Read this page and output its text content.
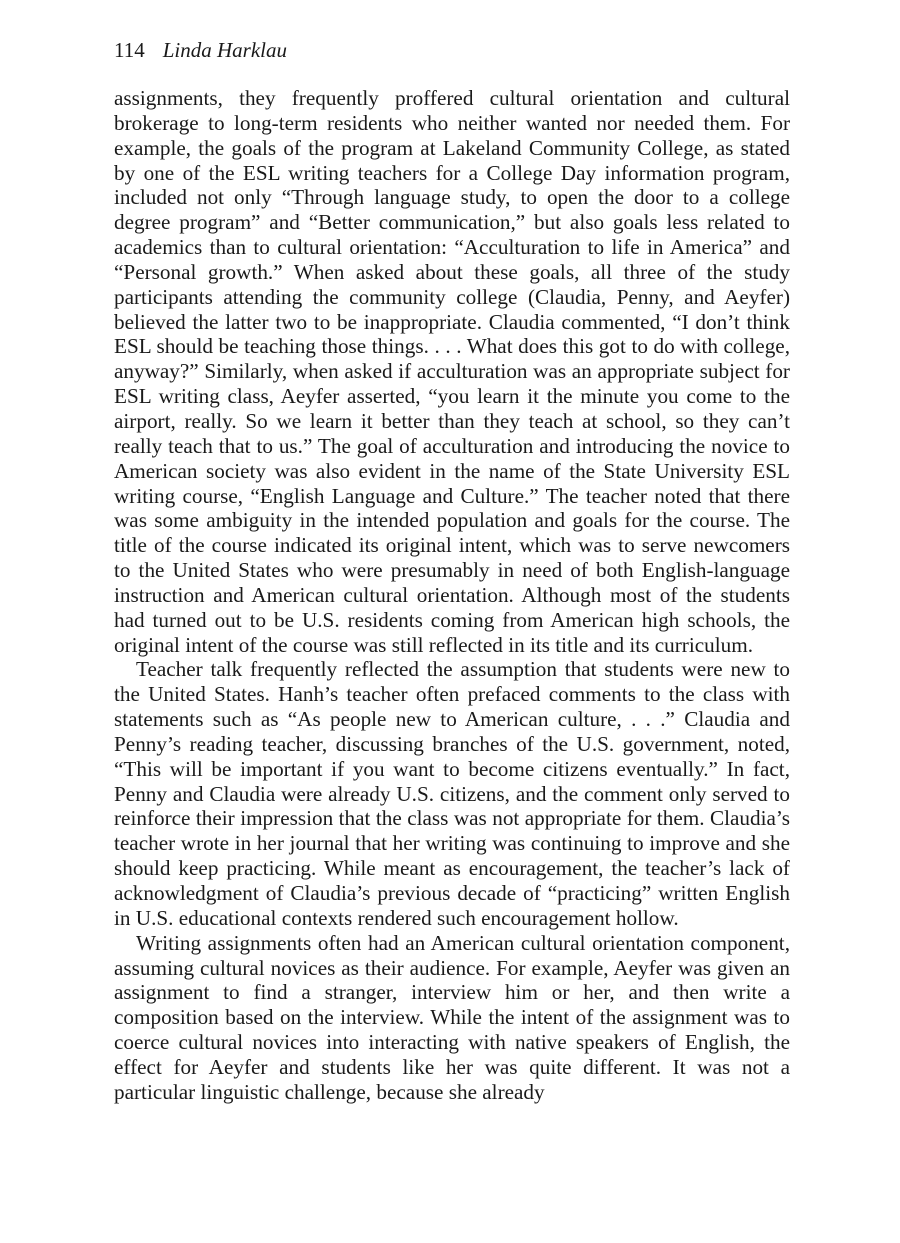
114 Linda Harklau

assignments, they frequently proffered cultural orientation and cultural brokerage to long-term residents who neither wanted nor needed them. For example, the goals of the program at Lakeland Community College, as stated by one of the ESL writing teachers for a College Day information program, included not only “Through language study, to open the door to a college degree program” and “Better communication,” but also goals less related to academics than to cultural orientation: “Acculturation to life in America” and “Personal growth.” When asked about these goals, all three of the study participants attending the community college (Claudia, Penny, and Aeyfer) believed the latter two to be inappropriate. Claudia commented, “I don’t think ESL should be teaching those things. . . . What does this got to do with college, anyway?” Similarly, when asked if acculturation was an appropriate subject for ESL writing class, Aeyfer asserted, “you learn it the minute you come to the airport, really. So we learn it better than they teach at school, so they can’t really teach that to us.” The goal of acculturation and introducing the novice to American society was also evident in the name of the State University ESL writing course, “English Language and Culture.” The teacher noted that there was some ambiguity in the intended population and goals for the course. The title of the course indicated its original intent, which was to serve newcomers to the United States who were presumably in need of both English-language instruction and American cultural orientation. Although most of the students had turned out to be U.S. residents coming from American high schools, the original intent of the course was still reflected in its title and its curriculum.

Teacher talk frequently reflected the assumption that students were new to the United States. Hanh’s teacher often prefaced comments to the class with statements such as “As people new to American culture, . . .” Claudia and Penny’s reading teacher, discussing branches of the U.S. government, noted, “This will be important if you want to become citizens eventually.” In fact, Penny and Claudia were already U.S. citizens, and the comment only served to reinforce their impression that the class was not appropriate for them. Claudia’s teacher wrote in her journal that her writing was continuing to improve and she should keep practicing. While meant as encouragement, the teacher’s lack of acknowledgment of Claudia’s previous decade of “practicing” written English in U.S. educational contexts rendered such encouragement hollow.

Writing assignments often had an American cultural orientation component, assuming cultural novices as their audience. For example, Aeyfer was given an assignment to find a stranger, interview him or her, and then write a composition based on the interview. While the intent of the assignment was to coerce cultural novices into interacting with native speakers of English, the effect for Aeyfer and students like her was quite different. It was not a particular linguistic challenge, because she already
